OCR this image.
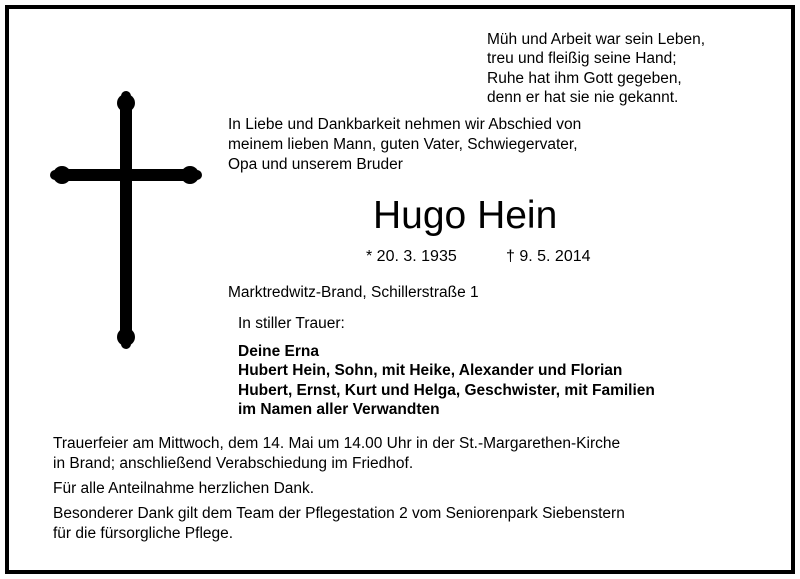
Müh und Arbeit war sein Leben,
treu und fleißig seine Hand;
Ruhe hat ihm Gott gegeben,
denn er hat sie nie gekannt.
In Liebe und Dankbarkeit nehmen wir Abschied von
meinem lieben Mann, guten Vater, Schwiegervater,
Opa und unserem Bruder
Hugo Hein
* 20. 3. 1935	† 9. 5. 2014
Marktredwitz-Brand, Schillerstraße 1
In stiller Trauer:
Deine Erna
Hubert Hein, Sohn, mit Heike, Alexander und Florian
Hubert, Ernst, Kurt und Helga, Geschwister, mit Familien
im Namen aller Verwandten
Trauerfeier am Mittwoch, dem 14. Mai um 14.00 Uhr in der St.-Margarethen-Kirche
in Brand; anschließend Verabschiedung im Friedhof.
Für alle Anteilnahme herzlichen Dank.
Besonderer Dank gilt dem Team der Pflegestation 2 vom Seniorenpark Siebenstern
für die fürsorgliche Pflege.
